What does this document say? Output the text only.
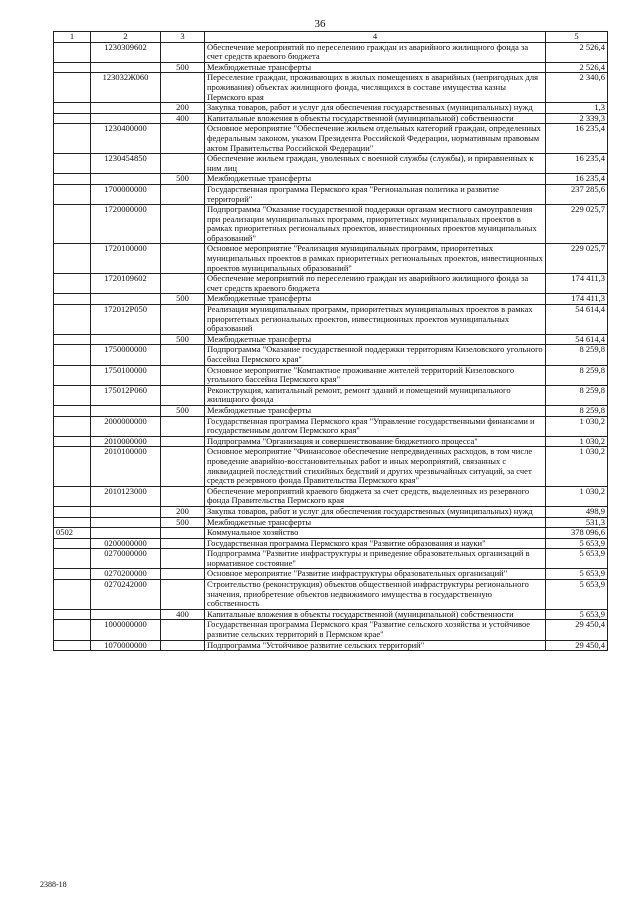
36
1	2	3	4	5
	1230309602		Обеспечение мероприятий по переселению граждан из аварийного жилищного фонда за счет средств краевого бюджета	2 526,4
		500	Межбюджетные трансферты	2 526,4
	123032Ж060		Переселение граждан, проживающих в жилых помещениях в аварийных (непригодных для проживания) объектах жилищного фонда, числящихся в составе имущества казны Пермского края	2 340,6
		200	Закупка товаров, работ и услуг для обеспечения государственных (муниципальных) нужд	1,3
		400	Капитальные вложения в объекты государственной (муниципальной) собственности	2 339,3
	1230400000		Основное мероприятие "Обеспечение жильем отдельных категорий граждан, определенных федеральным законом, указом Президента Российской Федерации, нормативным правовым актом Правительства Российской Федерации"	16 235,4
	1230454850		Обеспечение жильем граждан, уволенных с военной службы (службы), и приравненных к ним лиц	16 235,4
		500	Межбюджетные трансферты	16 235,4
	1700000000		Государственная программа Пермского края "Региональная политика и развитие территорий"	237 285,6
	1720000000		Подпрограмма "Оказание государственной поддержки органам местного самоуправления при реализации муниципальных программ, приоритетных муниципальных проектов в рамках приоритетных региональных проектов, инвестиционных проектов муниципальных образований"	229 025,7
	1720100000		Основное мероприятие "Реализация муниципальных программ, приоритетных муниципальных проектов в рамках приоритетных региональных проектов, инвестиционных проектов муниципальных образований"	229 025,7
	1720109602		Обеспечение мероприятий по переселению граждан из аварийного жилищного фонда за счет средств краевого бюджета	174 411,3
		500	Межбюджетные трансферты	174 411,3
	172012Р050		Реализация муниципальных программ, приоритетных муниципальных проектов в рамках приоритетных региональных проектов, инвестиционных проектов муниципальных образований	54 614,4
		500	Межбюджетные трансферты	54 614,4
	1750000000		Подпрограмма "Оказание государственной поддержки территориям Кизеловского угольного бассейна Пермского края"	8 259,8
	1750100000		Основное мероприятие "Компактное проживание жителей территорий Кизеловского угольного бассейна Пермского края"	8 259,8
	175012Р060		Реконструкция, капитальный ремонт, ремонт зданий и помещений муниципального жилищного фонда	8 259,8
		500	Межбюджетные трансферты	8 259,8
	2000000000		Государственная программа Пермского края "Управление государственными финансами и государственным долгом Пермского края"	1 030,2
	2010000000		Подпрограмма "Организация и совершенствование бюджетного процесса"	1 030,2
	2010100000		Основное мероприятие "Финансовое обеспечение непредвиденных расходов, в том числе проведение аварийно-восстановительных работ и иных мероприятий, связанных с ликвидацией последствий стихийных бедствий и других чрезвычайных ситуаций, за счет средств резервного фонда Правительства Пермского края"	1 030,2
	2010123000		Обеспечение мероприятий краевого бюджета за счет средств, выделенных из резервного фонда Правительства Пермского края	1 030,2
		200	Закупка товаров, работ и услуг для обеспечения государственных (муниципальных) нужд	498,9
		500	Межбюджетные трансферты	531,3
0502			Коммунальное хозяйство	378 096,6
	0200000000		Государственная программа Пермского края "Развитие образования и науки"	5 653,9
	0270000000		Подпрограмма "Развитие инфраструктуры и приведение образовательных организаций в нормативное состояние"	5 653,9
	0270200000		Основное мероприятие "Развитие инфраструктуры образовательных организаций"	5 653,9
	0270242000		Строительство (реконструкция) объектов общественной инфраструктуры регионального значения, приобретение объектов недвижимого имущества в государственную собственность	5 653,9
		400	Капитальные вложения в объекты государственной (муниципальной) собственности	5 653,9
	1000000000		Государственная программа Пермского края "Развитие сельского хозяйства и устойчивое развитие сельских территорий в Пермском крае"	29 450,4
	1070000000		Подпрограмма "Устойчивое развитие сельских территорий"	29 450,4
2388-18
